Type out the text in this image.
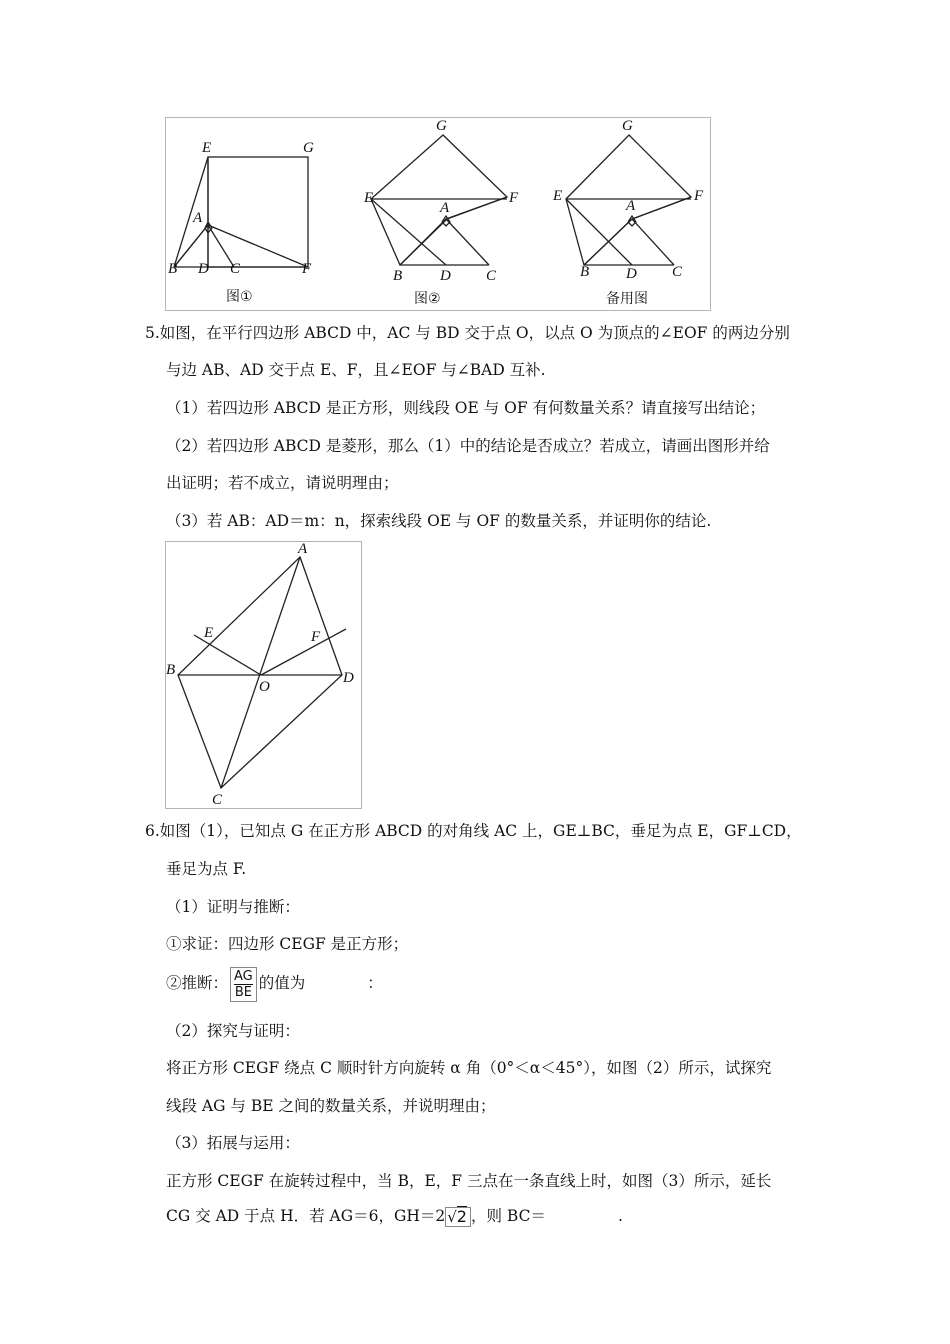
E	G
A
B D C	F
图①
G
E
A
F
B	D C
图②
G
E
A
F
B D C
备用图
5.如图，在平行四边形 ABCD 中，AC 与 BD 交于点 O，以点 O 为顶点的∠EOF 的两边分别
与边 AB、AD 交于点 E、F，且∠EOF 与∠BAD 互补.
（1）若四边形 ABCD 是正方形，则线段 OE 与 OF 有何数量关系？请直接写出结论；
（2）若四边形 ABCD 是菱形，那么（1）中的结论是否成立？若成立，请画出图形并给
出证明；若不成立，请说明理由；
（3）若 AB：AD＝m：n，探索线段 OE 与 OF 的数量关系，并证明你的结论.
A
E	F
B
O
D
C
6.如图（1），已知点 G 在正方形 ABCD 的对角线 AC 上，GE⊥BC，垂足为点 E，GF⊥CD，
垂足为点 F.
（1）证明与推断：
①求证：四边形 CEGF 是正方形；
②推断： $\frac{AG}{BE}$ 的值为	：
（2）探究与证明：
将正方形 CEGF 绕点 C 顺时针方向旋转 α 角（0°＜α＜45°），如图（2）所示，试探究
线段 AG 与 BE 之间的数量关系，并说明理由；
（3）拓展与运用：
正方形 CEGF 在旋转过程中，当 B，E，F 三点在一条直线上时，如图（3）所示，延长
CG 交 AD 于点 H．若 AG＝6，GH＝2 √2 ，则 BC＝	.
